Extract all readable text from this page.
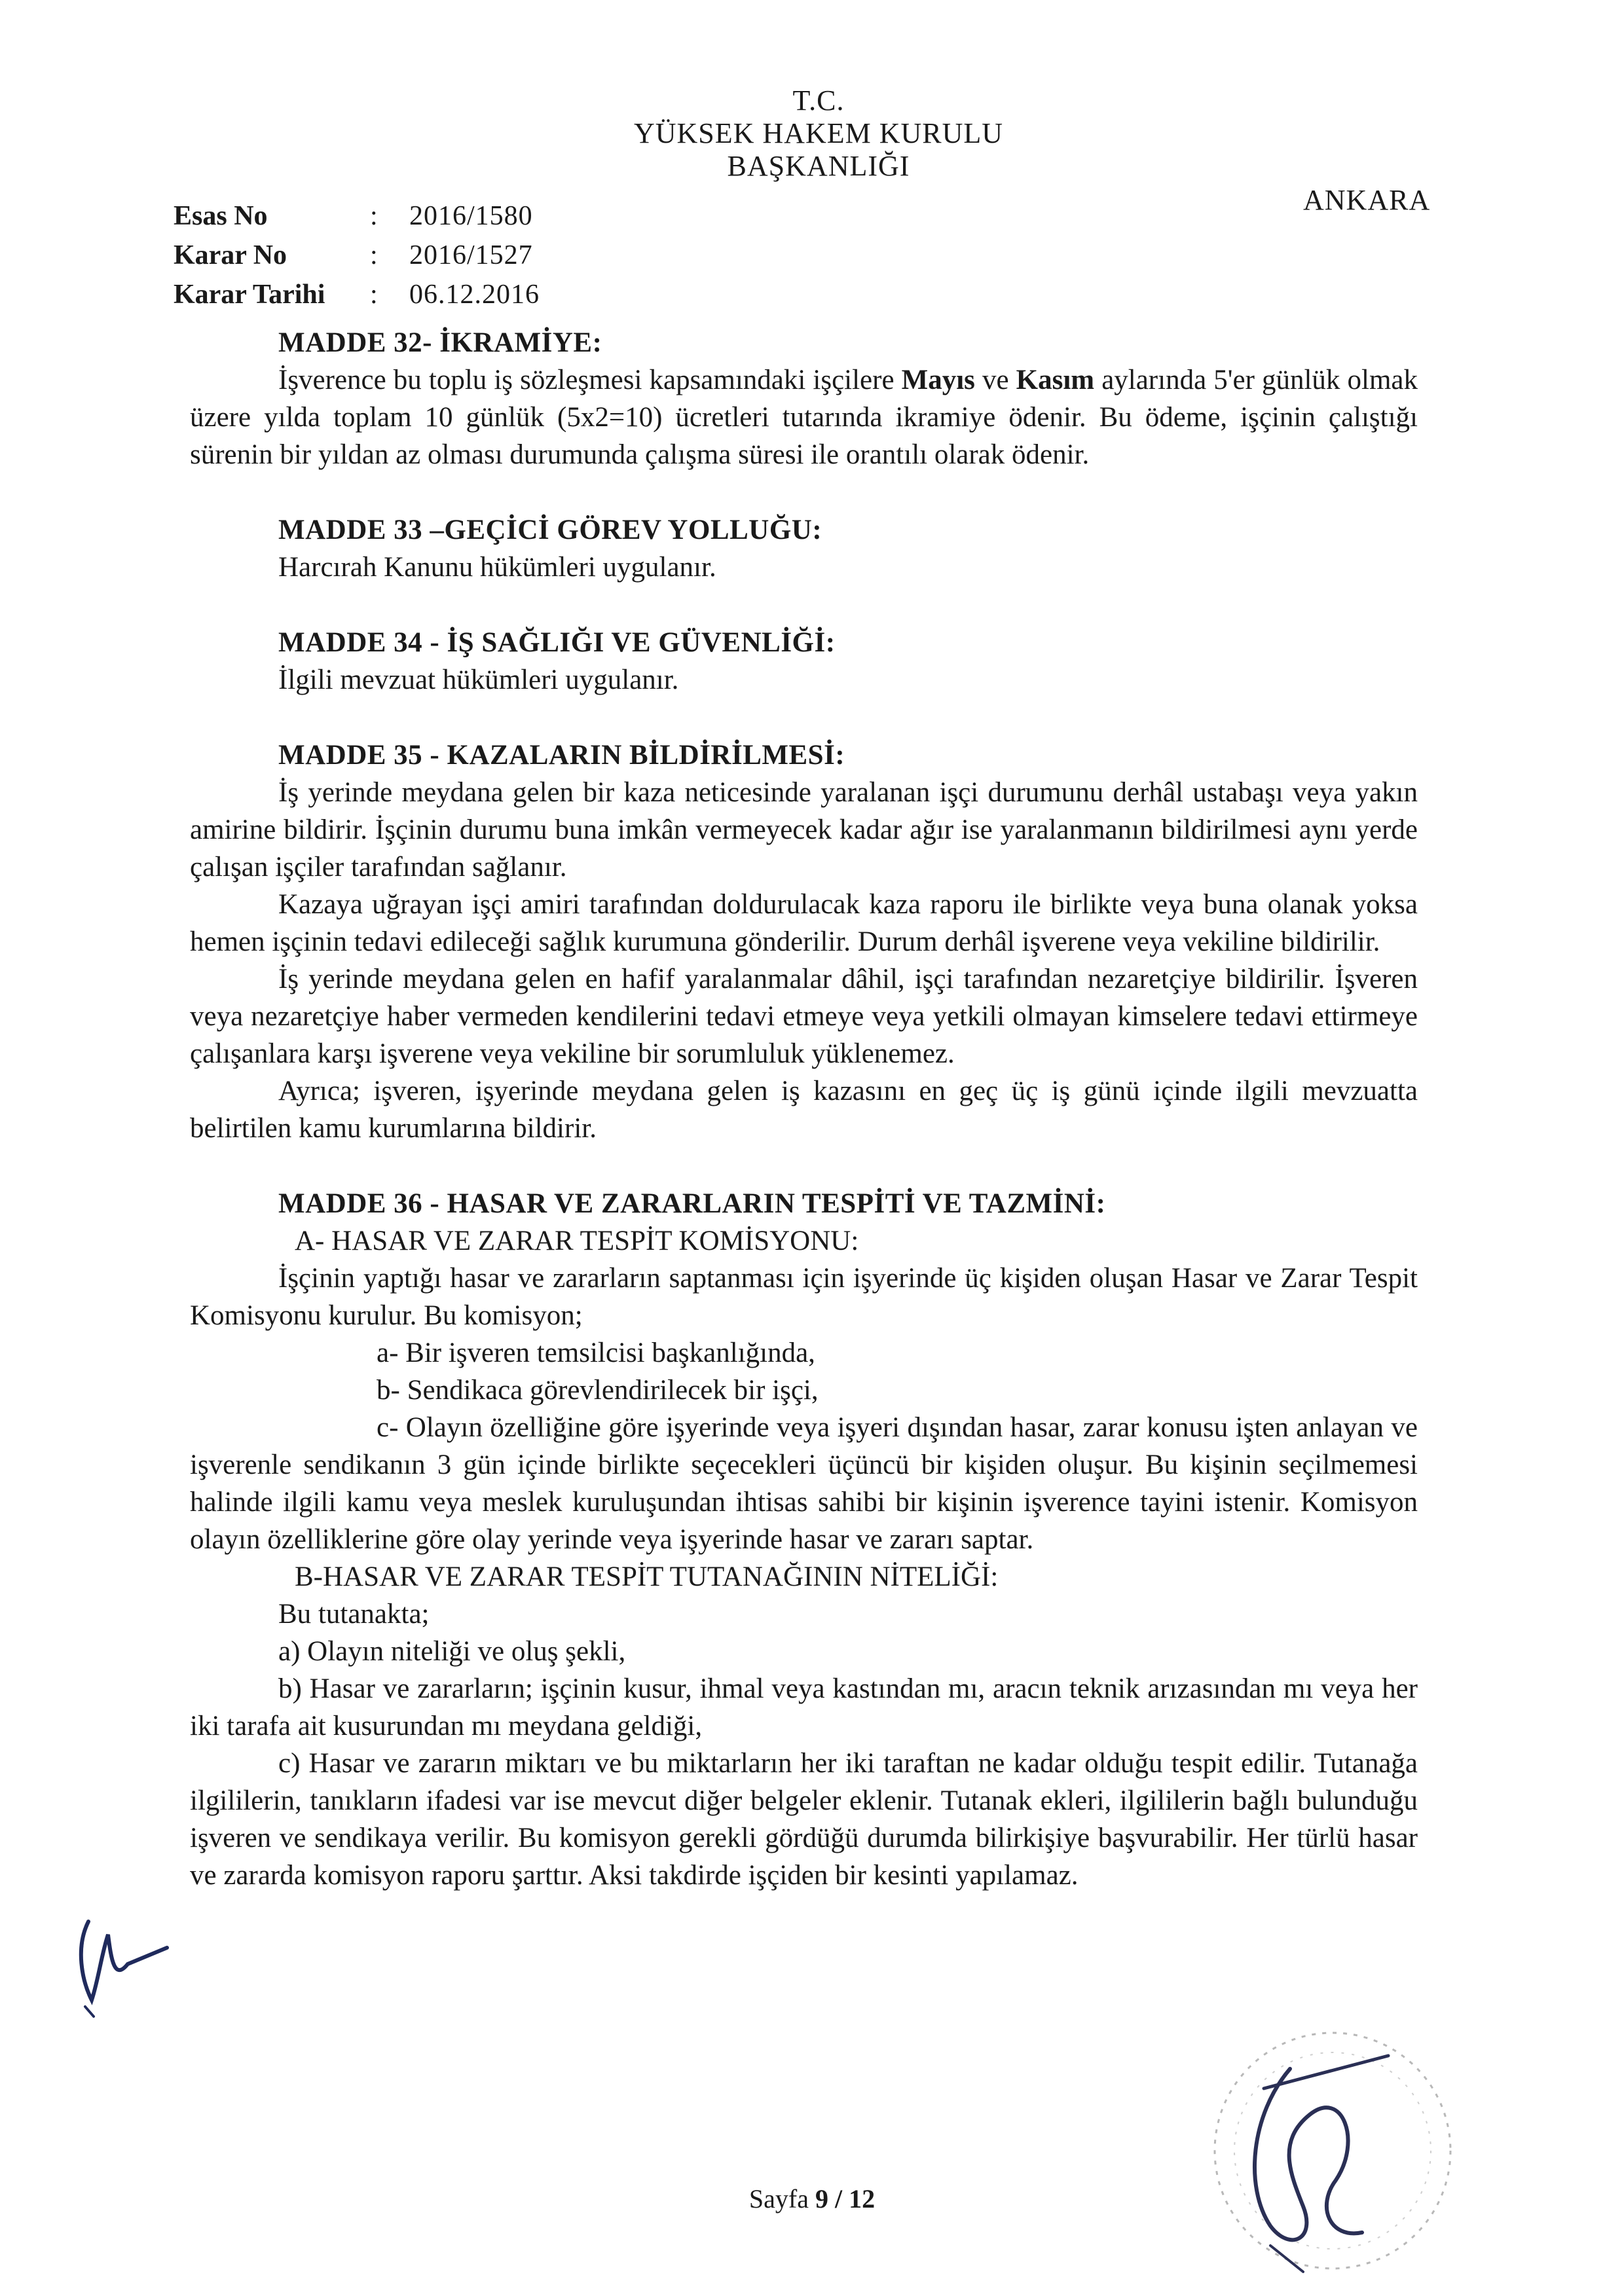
T.C.
YÜKSEK HAKEM KURULU
BAŞKANLIĞI
ANKARA
Esas No	:	2016/1580
Karar No	:	2016/1527
Karar Tarihi	:	06.12.2016
MADDE 32- İKRAMİYE:

İşverence bu toplu iş sözleşmesi kapsamındaki işçilere Mayıs ve Kasım aylarında 5'er günlük olmak üzere yılda toplam 10 günlük (5x2=10) ücretleri tutarında ikramiye ödenir. Bu ödeme, işçinin çalıştığı sürenin bir yıldan az olması durumunda çalışma süresi ile orantılı olarak ödenir.

MADDE 33 –GEÇİCİ GÖREV YOLLUĞU:
Harcırah Kanunu hükümleri uygulanır.
MADDE 34 - İŞ SAĞLIĞI VE GÜVENLİĞİ:
İlgili mevzuat hükümleri uygulanır.
MADDE 35 - KAZALARIN BİLDİRİLMESİ:

İş yerinde meydana gelen bir kaza neticesinde yaralanan işçi durumunu derhâl ustabaşı veya yakın amirine bildirir. İşçinin durumu buna imkân vermeyecek kadar ağır ise yaralanmanın bildirilmesi aynı yerde çalışan işçiler tarafından sağlanır.

Kazaya uğrayan işçi amiri tarafından doldurulacak kaza raporu ile birlikte veya buna olanak yoksa hemen işçinin tedavi edileceği sağlık kurumuna gönderilir. Durum derhâl işverene veya vekiline bildirilir.

İş yerinde meydana gelen en hafif yaralanmalar dâhil, işçi tarafından nezaretçiye bildirilir. İşveren veya nezaretçiye haber vermeden kendilerini tedavi etmeye veya yetkili olmayan kimselere tedavi ettirmeye çalışanlara karşı işverene veya vekiline bir sorumluluk yüklenemez.

Ayrıca; işveren, işyerinde meydana gelen iş kazasını en geç üç iş günü içinde ilgili mevzuatta belirtilen kamu kurumlarına bildirir.

MADDE 36 - HASAR VE ZARARLARIN TESPİTİ VE TAZMİNİ:
A- HASAR VE ZARAR TESPİT KOMİSYONU:

İşçinin yaptığı hasar ve zararların saptanması için işyerinde üç kişiden oluşan Hasar ve Zarar Tespit Komisyonu kurulur. Bu komisyon;

a- Bir işveren temsilcisi başkanlığında,
b- Sendikaca görevlendirilecek bir işçi,

c- Olayın özelliğine göre işyerinde veya işyeri dışından hasar, zarar konusu işten anlayan ve işverenle sendikanın 3 gün içinde birlikte seçecekleri üçüncü bir kişiden oluşur. Bu kişinin seçilmemesi halinde ilgili kamu veya meslek kuruluşundan ihtisas sahibi bir kişinin işverence tayini istenir. Komisyon olayın özelliklerine göre olay yerinde veya işyerinde hasar ve zararı saptar.

B-HASAR VE ZARAR TESPİT TUTANAĞININ NİTELİĞİ:
Bu tutanakta;
a) Olayın niteliği ve oluş şekli,

b) Hasar ve zararların; işçinin kusur, ihmal veya kastından mı, aracın teknik arızasından mı veya her iki tarafa ait kusurundan mı meydana geldiği,

c) Hasar ve zararın miktarı ve bu miktarların her iki taraftan ne kadar olduğu tespit edilir. Tutanağa ilgililerin, tanıkların ifadesi var ise mevcut diğer belgeler eklenir. Tutanak ekleri, ilgililerin bağlı bulunduğu işveren ve sendikaya verilir. Bu komisyon gerekli gördüğü durumda bilirkişiye başvurabilir. Her türlü hasar ve zararda komisyon raporu şarttır. Aksi takdirde işçiden bir kesinti yapılamaz.

Sayfa 9 / 12
